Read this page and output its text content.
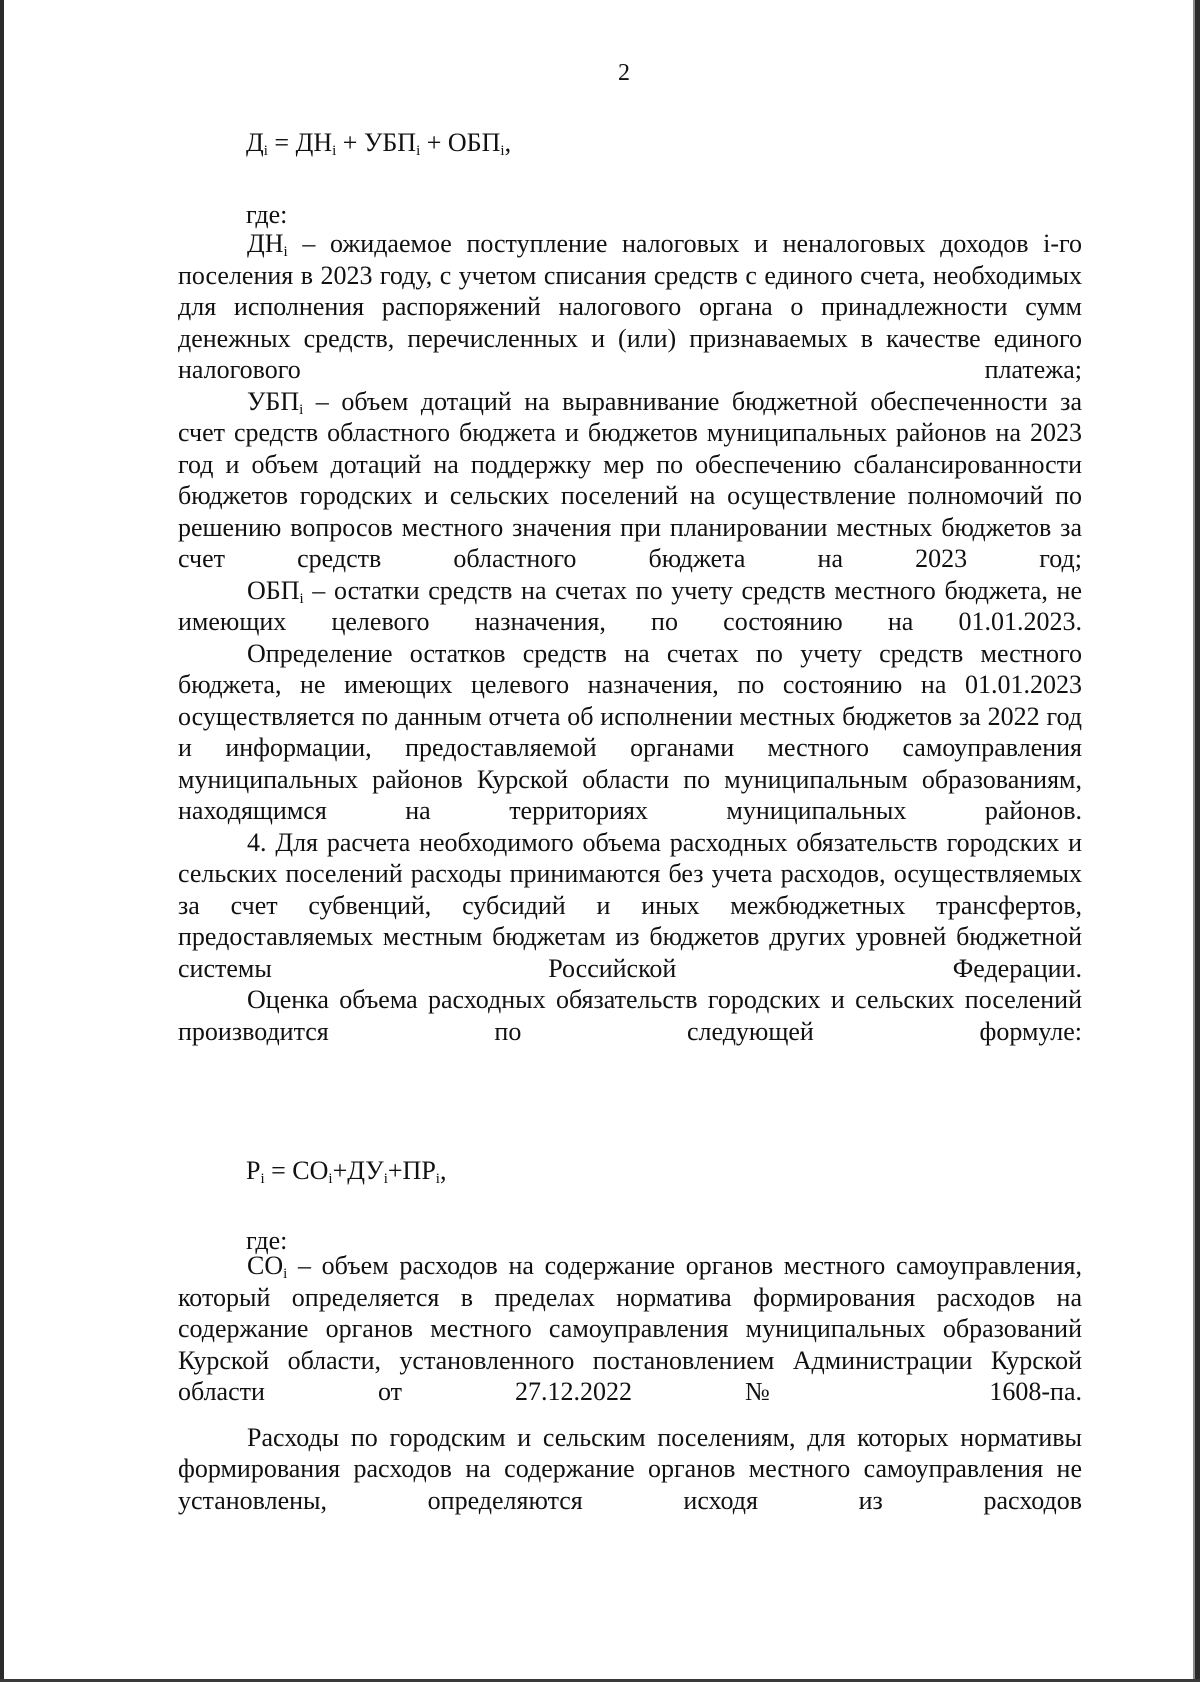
2
$Д_i = ДН_i + УБП_i + ОБП_i$,
где:

$ДН_i$ – ожидаемое поступление налоговых и неналоговых доходов i-го поселения в 2023 году, с учетом списания средств с единого счета, необходимых для исполнения распоряжений налогового органа о принадлежности сумм денежных средств, перечисленных и (или) признаваемых в качестве единого налогового платежа;

$УБП_i$ – объем дотаций на выравнивание бюджетной обеспеченности за счет средств областного бюджета и бюджетов муниципальных районов на 2023 год и объем дотаций на поддержку мер по обеспечению сбалансированности бюджетов городских и сельских поселений на осуществление полномочий по решению вопросов местного значения при планировании местных бюджетов за счет средств областного бюджета на 2023 год;

$ОБП_i$ – остатки средств на счетах по учету средств местного бюджета, не имеющих целевого назначения, по состоянию на 01.01.2023.

Определение остатков средств на счетах по учету средств местного бюджета, не имеющих целевого назначения, по состоянию на 01.01.2023 осуществляется по данным отчета об исполнении местных бюджетов за 2022 год и информации, предоставляемой органами местного самоуправления муниципальных районов Курской области по муниципальным образованиям, находящимся на территориях муниципальных районов.

4. Для расчета необходимого объема расходных обязательств городских и сельских поселений расходы принимаются без учета расходов, осуществляемых за счет субвенций, субсидий и иных межбюджетных трансфертов, предоставляемых местным бюджетам из бюджетов других уровней бюджетной системы Российской Федерации.

Оценка объема расходных обязательств городских и сельских поселений производится по следующей формуле:

$P_i = СО_i+ДУ_i+ПР_i$,
где:

$СО_i$ – объем расходов на содержание органов местного самоуправления, который определяется в пределах норматива формирования расходов на содержание органов местного самоуправления муниципальных образований Курской области, установленного постановлением Администрации Курской области от 27.12.2022 № 1608-па.

Расходы по городским и сельским поселениям, для которых нормативы формирования расходов на содержание органов местного самоуправления не установлены, определяются исходя из расходов
